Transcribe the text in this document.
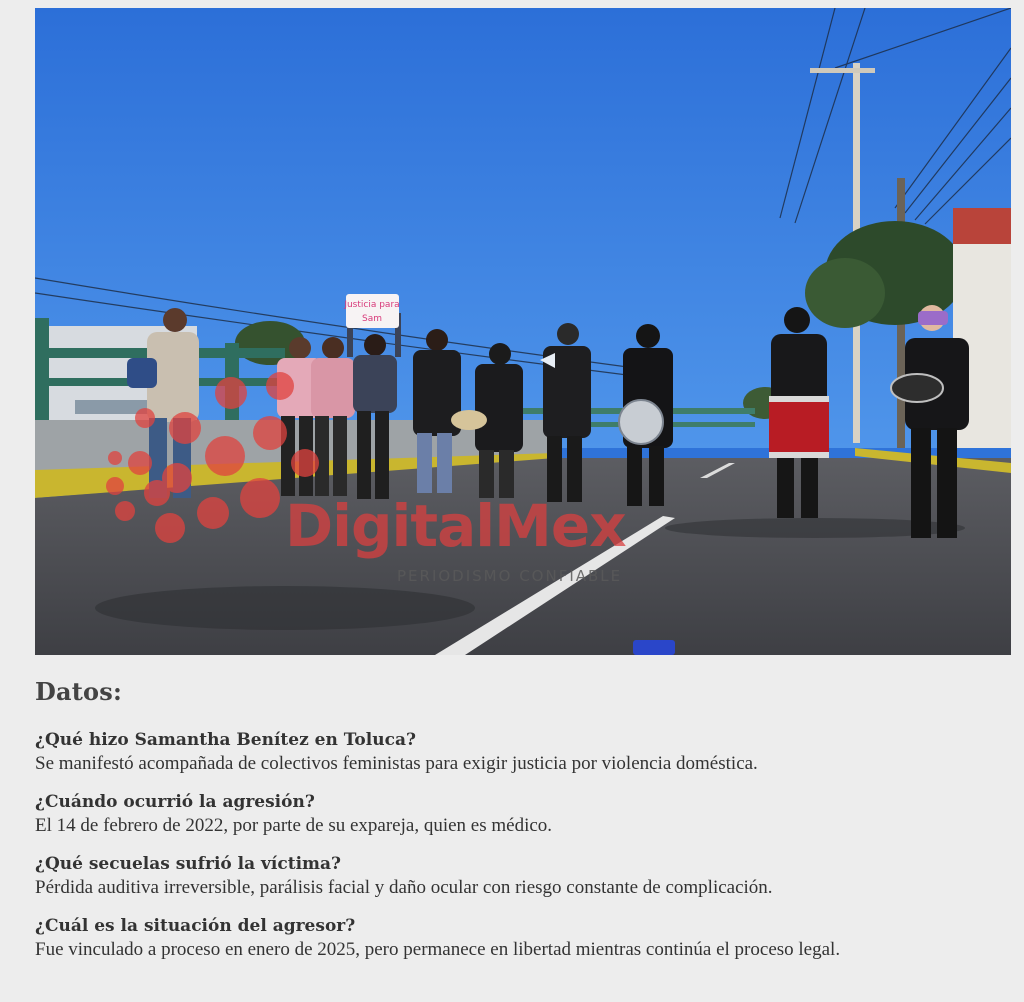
Justicia para
Sam
DigitalMex
PERIODISMO CONFIABLE
Datos:
¿Qué hizo Samantha Benítez en Toluca?
Se manifestó acompañada de colectivos feministas para exigir justicia por violencia doméstica.
¿Cuándo ocurrió la agresión?
El 14 de febrero de 2022, por parte de su expareja, quien es médico.
¿Qué secuelas sufrió la víctima?
Pérdida auditiva irreversible, parálisis facial y daño ocular con riesgo constante de complicación.
¿Cuál es la situación del agresor?
Fue vinculado a proceso en enero de 2025, pero permanece en libertad mientras continúa el proceso legal.
